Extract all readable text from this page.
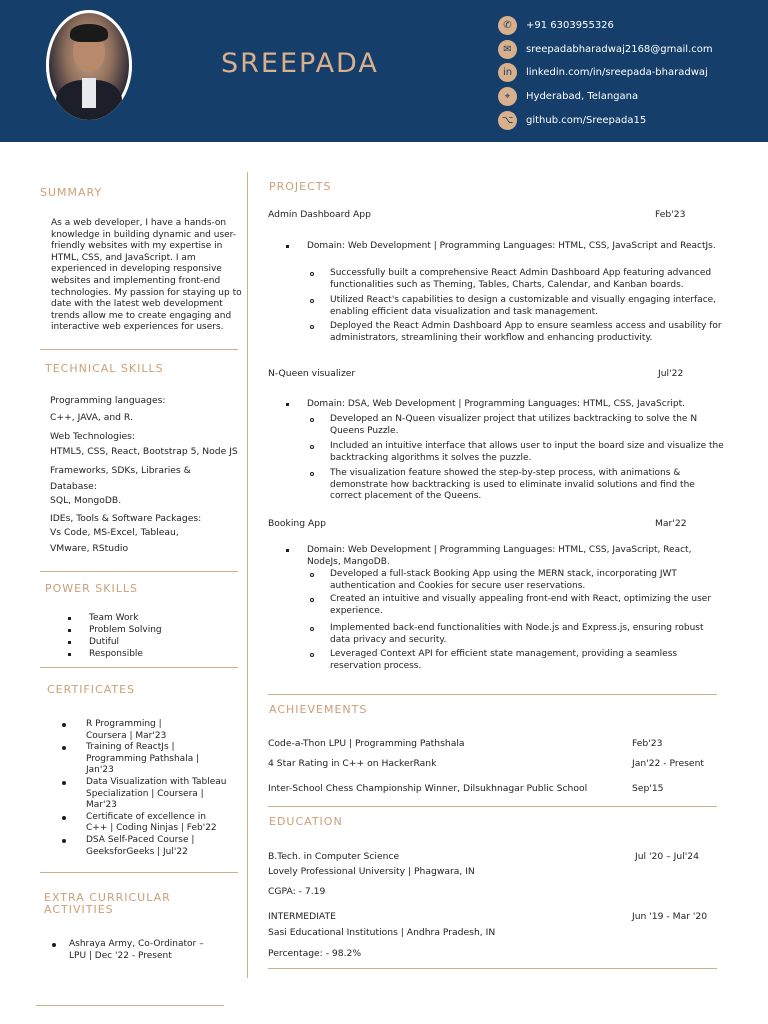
SREEPADA
✆	+91 6303955326
✉	sreepadabharadwaj2168@gmail.com
in	linkedin.com/in/sreepada-bharadwaj
⌖	Hyderabad, Telangana
⌥	github.com/Sreepada15
SUMMARY
As a web developer, I have a hands-on knowledge in building dynamic and user-friendly websites with my expertise in HTML, CSS, and JavaScript. I am experienced in developing responsive websites and implementing front-end technologies. My passion for staying up to date with the latest web development trends allow me to create engaging and interactive web experiences for users.
TECHNICAL SKILLS
Programming languages:
C++, JAVA, and R.
Web Technologies:
HTML5, CSS, React, Bootstrap 5, Node JS
Frameworks, SDKs, Libraries &
Database:
SQL, MongoDB.
IDEs, Tools & Software Packages:
Vs Code, MS-Excel, Tableau,
VMware, RStudio
POWER SKILLS
Team Work
Problem Solving
Dutiful
Responsible
CERTIFICATES
R Programming | Coursera | Mar'23
Training of ReactJs | Programming Pathshala | Jan'23
Data Visualization with Tableau Specialization | Coursera | Mar'23
Certificate of excellence in C++ | Coding Ninjas | Feb'22
DSA Self-Paced Course | GeeksforGeeks | Jul'22
EXTRA CURRICULAR ACTIVITIES
Ashraya Army, Co-Ordinator – LPU | Dec '22 - Present
PROJECTS
Admin Dashboard App	Feb'23
Domain: Web Development | Programming Languages: HTML, CSS, JavaScript and ReactJs.
Successfully built a comprehensive React Admin Dashboard App featuring advanced functionalities such as Theming, Tables, Charts, Calendar, and Kanban boards.
Utilized React's capabilities to design a customizable and visually engaging interface, enabling efficient data visualization and task management.
Deployed the React Admin Dashboard App to ensure seamless access and usability for administrators, streamlining their workflow and enhancing productivity.
N-Queen visualizer	Jul'22
Domain: DSA, Web Development | Programming Languages: HTML, CSS, JavaScript.
Developed an N-Queen visualizer project that utilizes backtracking to solve the N Queens Puzzle.
Included an intuitive interface that allows user to input the board size and visualize the backtracking algorithms it solves the puzzle.
The visualization feature showed the step-by-step process, with animations & demonstrate how backtracking is used to eliminate invalid solutions and find the correct placement of the Queens.
Booking App	Mar'22
Domain: Web Development | Programming Languages: HTML, CSS, JavaScript, React, NodeJs, MangoDB.
Developed a full-stack Booking App using the MERN stack, incorporating JWT authentication and Cookies for secure user reservations.
Created an intuitive and visually appealing front-end with React, optimizing the user experience.
Implemented back-end functionalities with Node.js and Express.js, ensuring robust data privacy and security.
Leveraged Context API for efficient state management, providing a seamless reservation process.
ACHIEVEMENTS
Code-a-Thon LPU | Programming Pathshala	Feb'23
4 Star Rating in C++ on HackerRank	Jan'22 - Present
Inter-School Chess Championship Winner, Dilsukhnagar Public School	Sep'15
EDUCATION
B.Tech. in Computer Science	Jul '20 – Jul'24
Lovely Professional University | Phagwara, IN
CGPA: - 7.19
INTERMEDIATE	Jun '19 - Mar '20
Sasi Educational Institutions | Andhra Pradesh, IN
Percentage: - 98.2%
